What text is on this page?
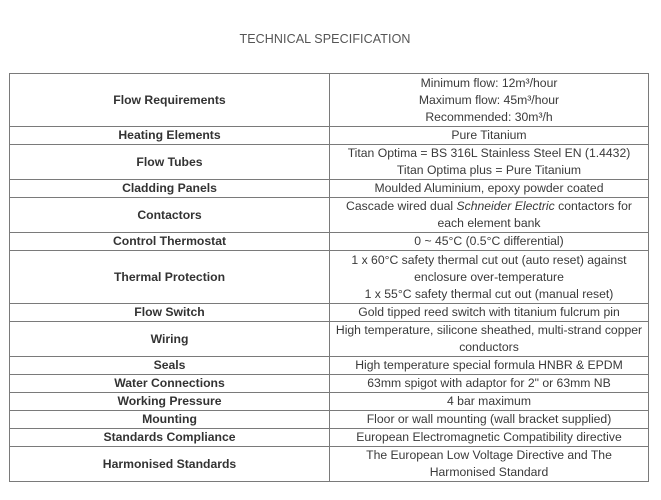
TECHNICAL SPECIFICATION
Flow Requirements	Minimum flow: 12m³/hour
Maximum flow: 45m³/hour
Recommended: 30m³/h

Heating Elements	Pure Titanium

Flow Tubes	Titan Optima = BS 316L Stainless Steel EN (1.4432)
Titan Optima plus = Pure Titanium

Cladding Panels	Moulded Aluminium, epoxy powder coated

Contactors	Cascade wired dual Schneider Electric contactors for
each element bank

Control Thermostat	0 ~ 45°C (0.5°C differential)

Thermal Protection	1 x 60°C safety thermal cut out (auto reset) against
enclosure over-temperature
1 x 55°C safety thermal cut out (manual reset)

Flow Switch	Gold tipped reed switch with titanium fulcrum pin

Wiring	High temperature, silicone sheathed, multi-strand copper
conductors

Seals	High temperature special formula HNBR & EPDM

Water Connections	63mm spigot with adaptor for 2" or 63mm NB

Working Pressure	4 bar maximum

Mounting	Floor or wall mounting (wall bracket supplied)

Standards Compliance	European Electromagnetic Compatibility directive

Harmonised Standards	The European Low Voltage Directive and The
Harmonised Standard
